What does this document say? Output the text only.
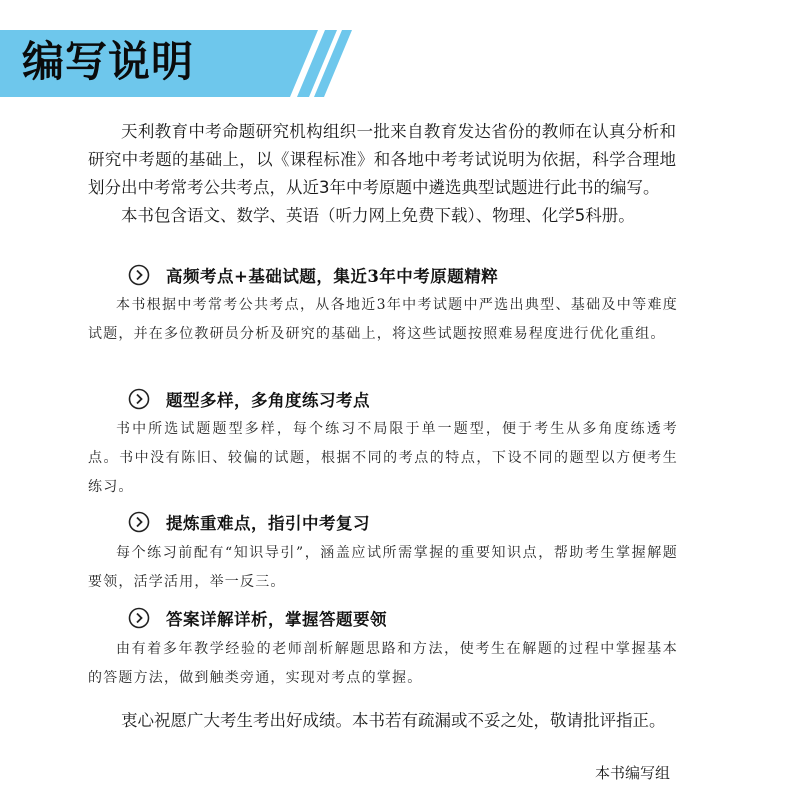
编写说明

天利教育中考命题研究机构组织一批来自教育发达省份的教师在认真分析和研究中考题的基础上，以《课程标准》和各地中考考试说明为依据，科学合理地划分出中考常考公共考点，从近3年中考原题中遴选典型试题进行此书的编写。

本书包含语文、数学、英语（听力网上免费下载）、物理、化学5科册。

高频考点+基础试题，集近3年中考原题精粹

本书根据中考常考公共考点，从各地近3年中考试题中严选出典型、基础及中等难度试题，并在多位教研员分析及研究的基础上，将这些试题按照难易程度进行优化重组。

题型多样，多角度练习考点

书中所选试题题型多样，每个练习不局限于单一题型，便于考生从多角度练透考点。书中没有陈旧、较偏的试题，根据不同的考点的特点，下设不同的题型以方便考生练习。

提炼重难点，指引中考复习

每个练习前配有“知识导引”，涵盖应试所需掌握的重要知识点，帮助考生掌握解题要领，活学活用，举一反三。

答案详解详析，掌握答题要领

由有着多年教学经验的老师剖析解题思路和方法，使考生在解题的过程中掌握基本的答题方法，做到触类旁通，实现对考点的掌握。

衷心祝愿广大考生考出好成绩。本书若有疏漏或不妥之处，敬请批评指正。

本书编写组
